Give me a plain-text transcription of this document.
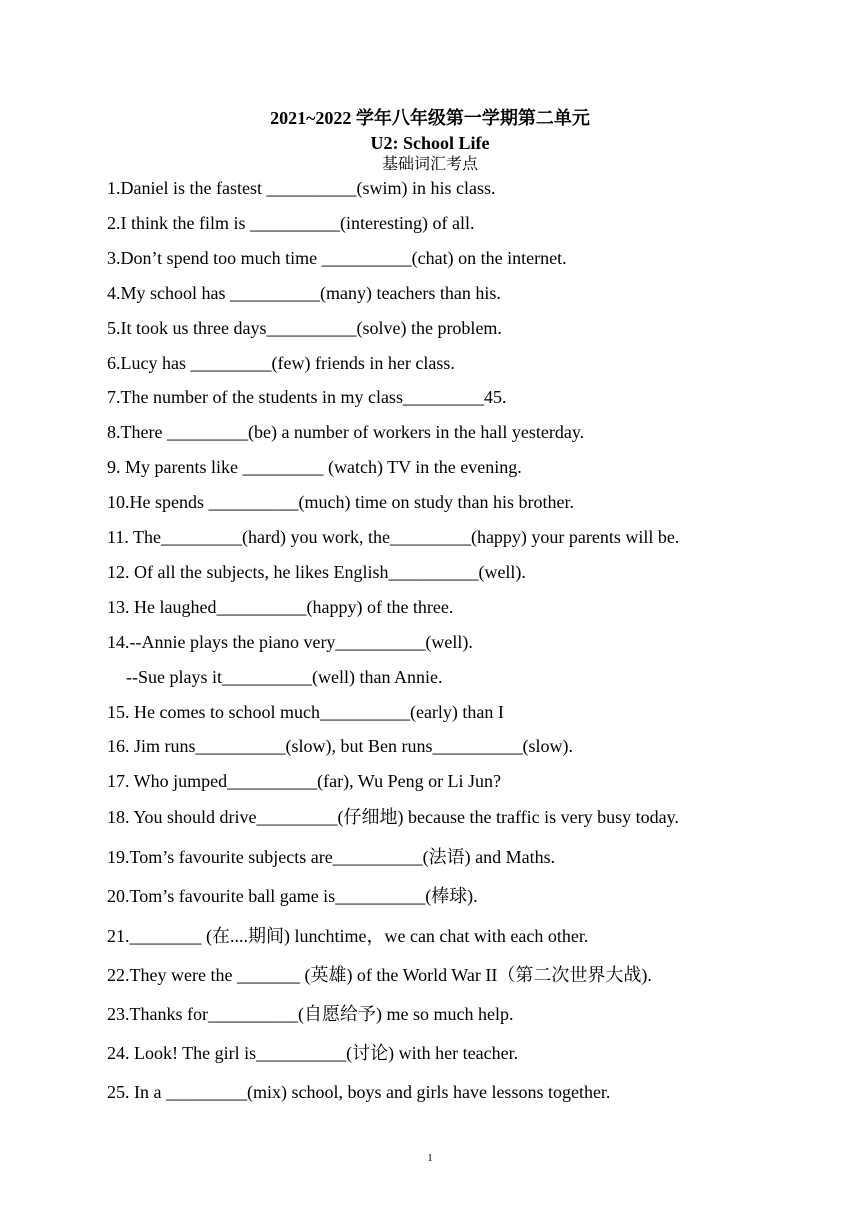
2021~2022 学年八年级第一学期第二单元
U2: School Life
基础词汇考点
1.Daniel is the fastest __________(swim) in his class.
2.I think the film is __________(interesting) of all.
3.Don’t spend too much time __________(chat) on the internet.
4.My school has __________(many) teachers than his.
5.It took us three days__________(solve) the problem.
6.Lucy has _________(few) friends in her class.
7.The number of the students in my class_________45.
8.There _________(be) a number of workers in the hall yesterday.
9. My parents like _________ (watch) TV in the evening.
10.He spends __________(much) time on study than his brother.
11. The_________(hard) you work, the_________(happy) your parents will be.
12. Of all the subjects, he likes English__________(well).
13. He laughed__________(happy) of the three.
14.--Annie plays the piano very__________(well).
--Sue plays it__________(well) than Annie.
15. He comes to school much__________(early) than I
16. Jim runs__________(slow), but Ben runs__________(slow).
17. Who jumped__________(far), Wu Peng or Li Jun?
18. You should drive_________(仔细地) because the traffic is very busy today.
19.Tom’s favourite subjects are__________(法语) and Maths.
20.Tom’s favourite ball game is__________(棒球).
21.________ (在....期间) lunchtime，we can chat with each other.
22.They were the _______ (英雄) of the World War II（第二次世界大战).
23.Thanks for__________(自愿给予) me so much help.
24. Look! The girl is__________(讨论) with her teacher.
25. In a _________(mix) school, boys and girls have lessons together.
1
